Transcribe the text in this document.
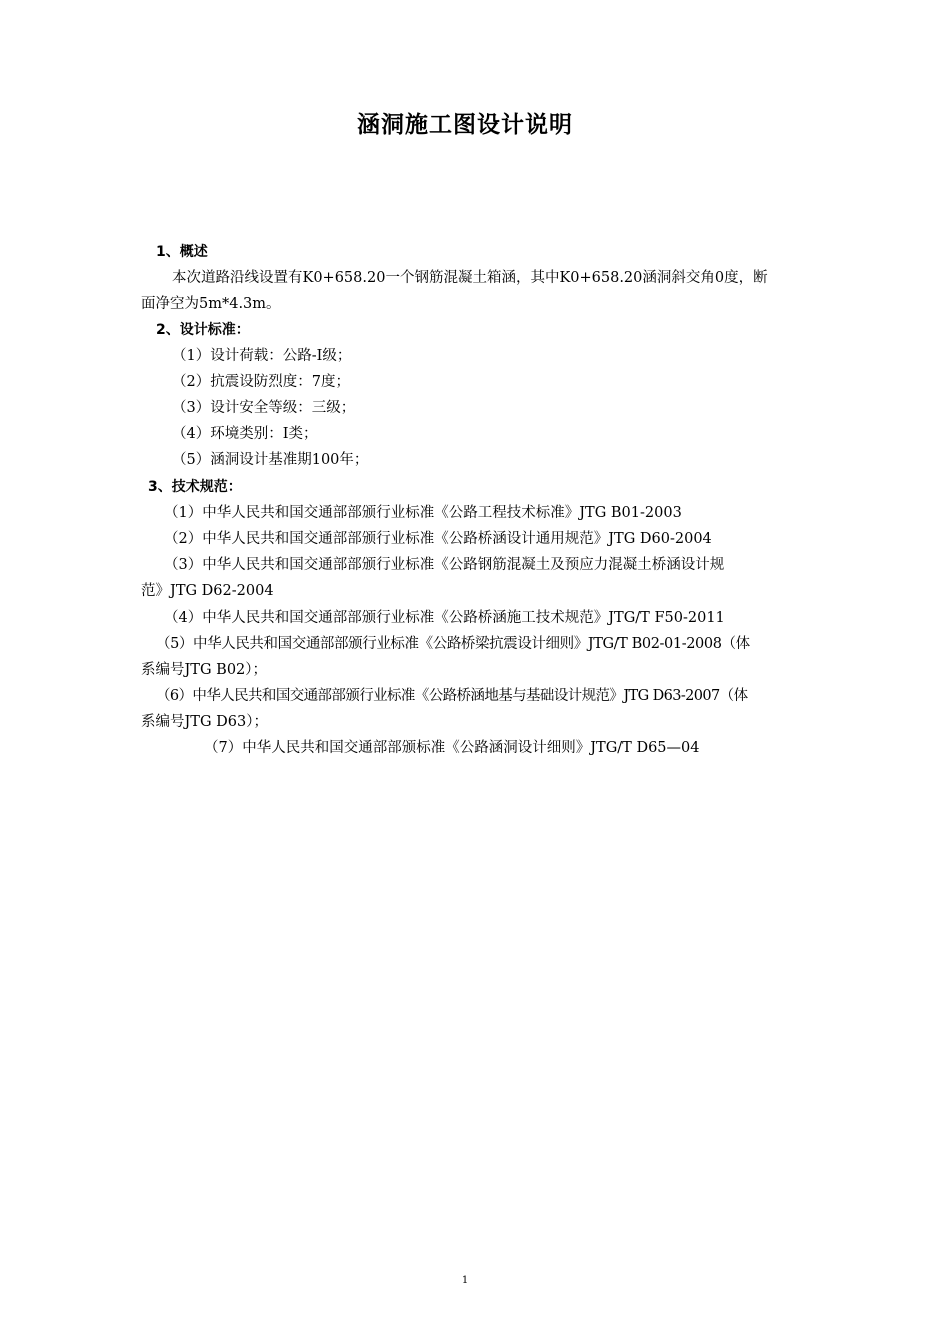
涵洞施工图设计说明
1、概述
本次道路沿线设置有K0+658.20一个钢筋混凝土箱涵，其中K0+658.20涵洞斜交角0度，断
面净空为5m*4.3m。
2、设计标准：
（1）设计荷载：公路-I级；
（2）抗震设防烈度：7度；
（3）设计安全等级：三级；
（4）环境类别：I类；
（5）涵洞设计基准期100年；
3、技术规范：
（1）中华人民共和国交通部部颁行业标准《公路工程技术标准》JTG B01-2003
（2）中华人民共和国交通部部颁行业标准《公路桥涵设计通用规范》JTG D60-2004
（3）中华人民共和国交通部部颁行业标准《公路钢筋混凝土及预应力混凝土桥涵设计规
范》JTG D62-2004
（4）中华人民共和国交通部部颁行业标准《公路桥涵施工技术规范》JTG/T F50-2011
（5）中华人民共和国交通部部颁行业标准《公路桥梁抗震设计细则》JTG/T B02-01-2008（体
系编号JTG B02）；
（6）中华人民共和国交通部部颁行业标准《公路桥涵地基与基础设计规范》JTG D63-2007（体
系编号JTG D63）；
（7）中华人民共和国交通部部颁标准《公路涵洞设计细则》JTG/T D65—04
1
